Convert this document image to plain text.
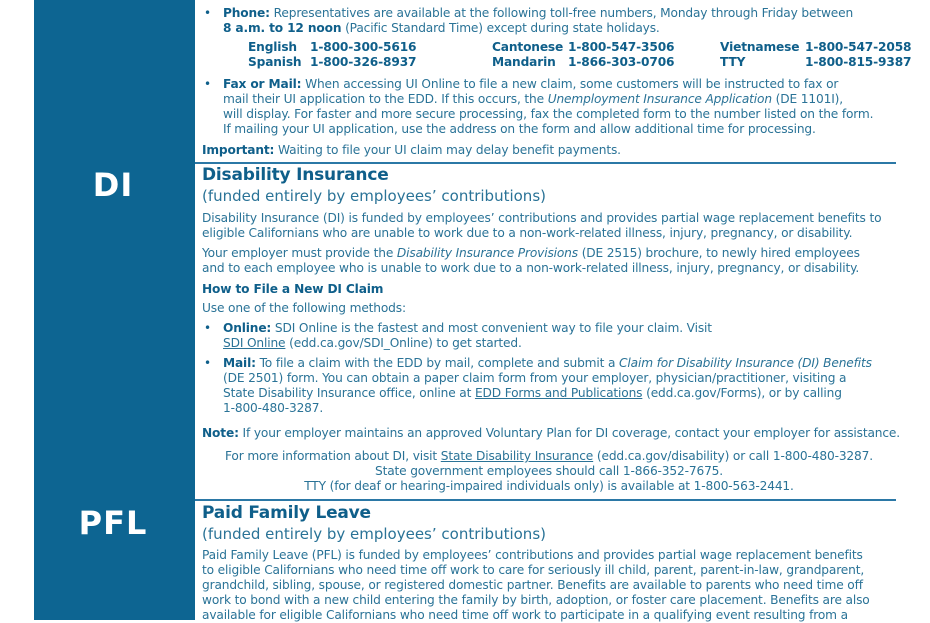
DI
PFL
• Phone: Representatives are available at the following toll-free numbers, Monday through Friday between
8 a.m. to 12 noon (Pacific Standard Time) except during state holidays.
English 1-800-300-5616
Spanish 1-800-326-8937
Cantonese 1-800-547-3506
Mandarin 1-866-303-0706
Vietnamese 1-800-547-2058
TTY	1-800-815-9387
• Fax or Mail: When accessing UI Online to file a new claim, some customers will be instructed to fax or
mail their UI application to the EDD. If this occurs, the Unemployment Insurance Application (DE 1101I),
will display. For faster and more secure processing, fax the completed form to the number listed on the form.
If mailing your UI application, use the address on the form and allow additional time for processing.
Important: Waiting to file your UI claim may delay benefit payments.
Disability Insurance
(funded entirely by employees’ contributions)
Disability Insurance (DI) is funded by employees’ contributions and provides partial wage replacement benefits to
eligible Californians who are unable to work due to a non-work-related illness, injury, pregnancy, or disability.
Your employer must provide the Disability Insurance Provisions (DE 2515) brochure, to newly hired employees
and to each employee who is unable to work due to a non-work-related illness, injury, pregnancy, or disability.
How to File a New DI Claim
Use one of the following methods:
• Online: SDI Online is the fastest and most convenient way to file your claim. Visit
SDI Online (edd.ca.gov/SDI_Online) to get started.
• Mail: To file a claim with the EDD by mail, complete and submit a Claim for Disability Insurance (DI) Benefits
(DE 2501) form. You can obtain a paper claim form from your employer, physician/practitioner, visiting a
State Disability Insurance office, online at EDD Forms and Publications (edd.ca.gov/Forms), or by calling
1-800-480-3287.
Note: If your employer maintains an approved Voluntary Plan for DI coverage, contact your employer for assistance.
For more information about DI, visit State Disability Insurance (edd.ca.gov/disability) or call 1-800-480-3287.
State government employees should call 1-866-352-7675.
TTY (for deaf or hearing-impaired individuals only) is available at 1-800-563-2441.
Paid Family Leave
(funded entirely by employees’ contributions)
Paid Family Leave (PFL) is funded by employees’ contributions and provides partial wage replacement benefits
to eligible Californians who need time off work to care for seriously ill child, parent, parent-in-law, grandparent,
grandchild, sibling, spouse, or registered domestic partner. Benefits are available to parents who need time off
work to bond with a new child entering the family by birth, adoption, or foster care placement. Benefits are also
available for eligible Californians who need time off work to participate in a qualifying event resulting from a
